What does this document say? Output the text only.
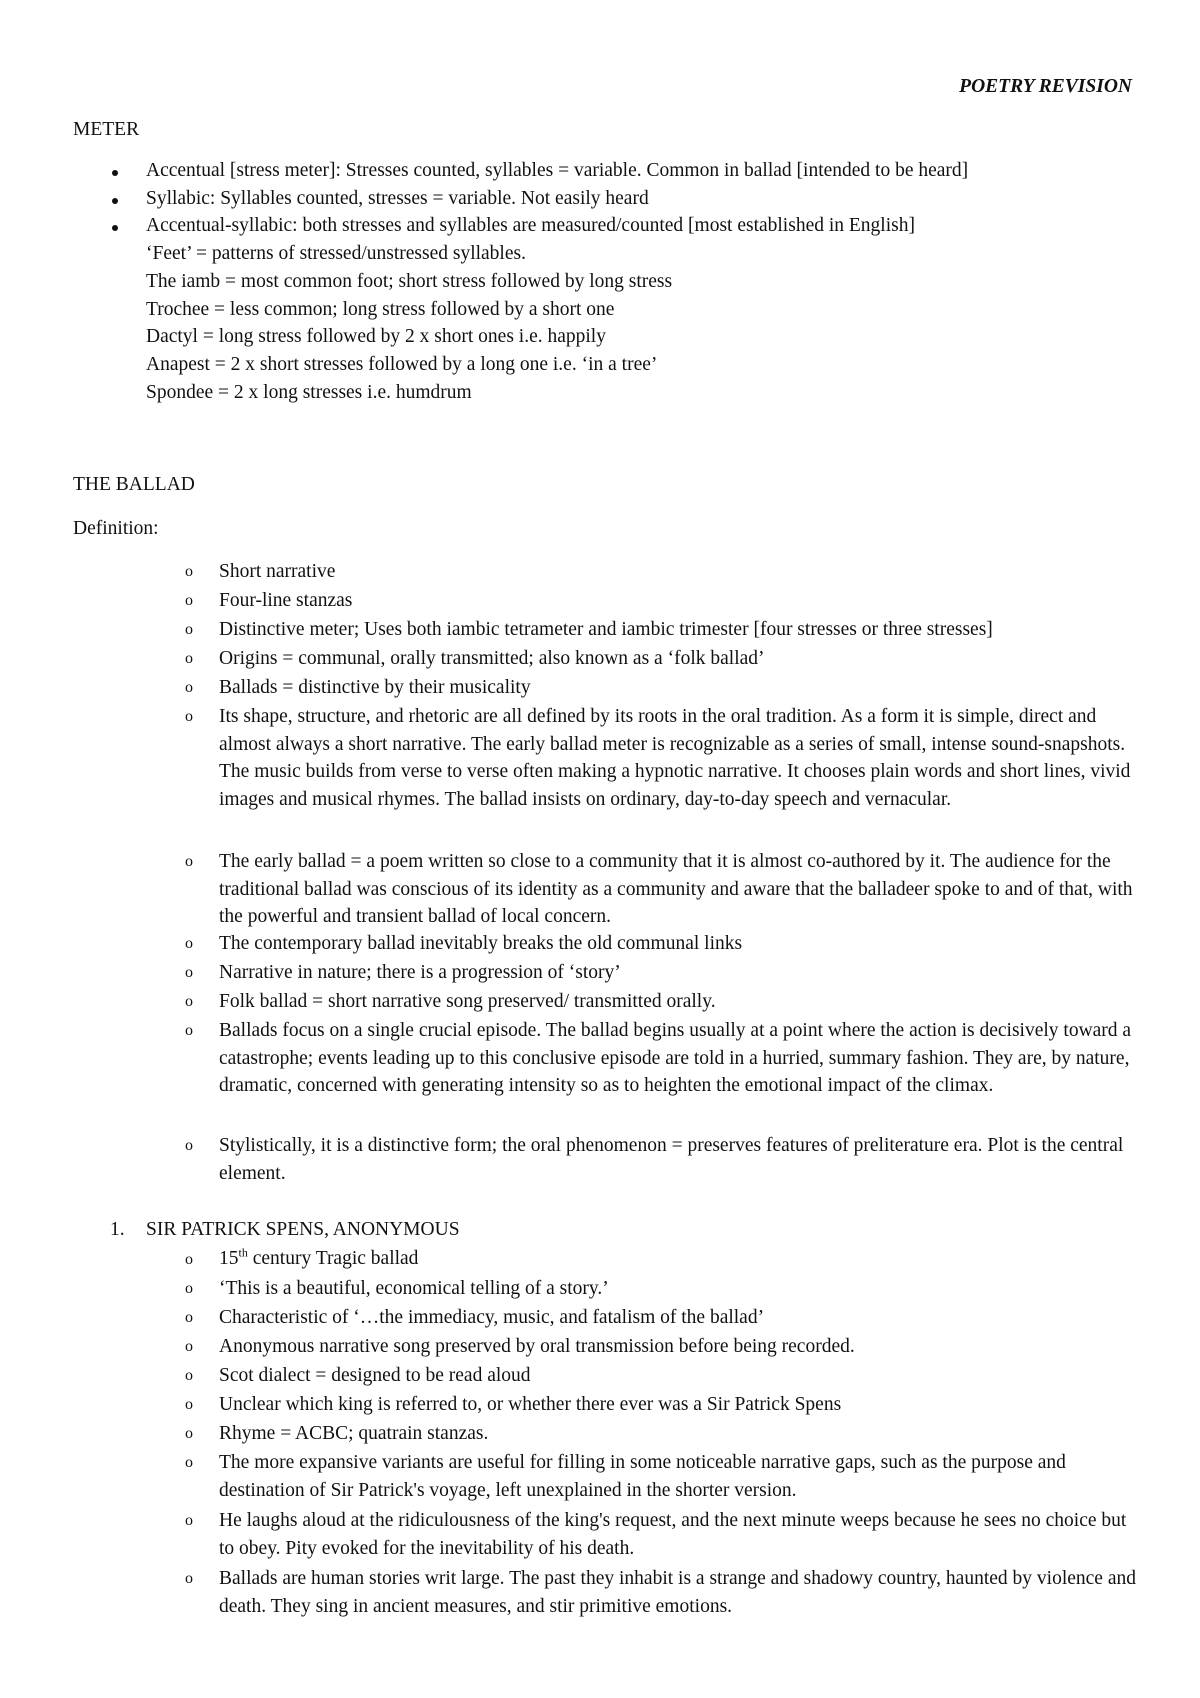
POETRY REVISION
METER
Accentual [stress meter]: Stresses counted, syllables = variable. Common in ballad [intended to be heard]
Syllabic: Syllables counted, stresses = variable. Not easily heard
Accentual-syllabic: both stresses and syllables are measured/counted [most established in English]
‘Feet’ = patterns of stressed/unstressed syllables.
The iamb = most common foot; short stress followed by long stress
Trochee = less common; long stress followed by a short one
Dactyl = long stress followed by 2 x short ones i.e. happily
Anapest = 2 x short stresses followed by a long one i.e. ‘in a tree’
Spondee = 2 x long stresses i.e. humdrum
THE BALLAD
Definition:
o Short narrative
o Four-line stanzas
o Distinctive meter; Uses both iambic tetrameter and iambic trimester [four stresses or three stresses]
o Origins = communal, orally transmitted; also known as a ‘folk ballad’
o Ballads = distinctive by their musicality
o Its shape, structure, and rhetoric are all defined by its roots in the oral tradition. As a form it is simple, direct and almost always a short narrative. The early ballad meter is recognizable as a series of small, intense sound-snapshots. The music builds from verse to verse often making a hypnotic narrative. It chooses plain words and short lines, vivid images and musical rhymes. The ballad insists on ordinary, day-to-day speech and vernacular.
o The early ballad = a poem written so close to a community that it is almost co-authored by it. The audience for the traditional ballad was conscious of its identity as a community and aware that the balladeer spoke to and of that, with the powerful and transient ballad of local concern.
o The contemporary ballad inevitably breaks the old communal links
o Narrative in nature; there is a progression of ‘story’
o Folk ballad = short narrative song preserved/ transmitted orally.
o Ballads focus on a single crucial episode. The ballad begins usually at a point where the action is decisively toward a catastrophe; events leading up to this conclusive episode are told in a hurried, summary fashion. They are, by nature, dramatic, concerned with generating intensity so as to heighten the emotional impact of the climax.
o Stylistically, it is a distinctive form; the oral phenomenon = preserves features of preliterature era. Plot is the central element.
1. SIR PATRICK SPENS, ANONYMOUS
o 15th century Tragic ballad
o ‘This is a beautiful, economical telling of a story.’
o Characteristic of ‘…the immediacy, music, and fatalism of the ballad’
o Anonymous narrative song preserved by oral transmission before being recorded.
o Scot dialect = designed to be read aloud
o Unclear which king is referred to, or whether there ever was a Sir Patrick Spens
o Rhyme = ACBC; quatrain stanzas.
o The more expansive variants are useful for filling in some noticeable narrative gaps, such as the purpose and destination of Sir Patrick's voyage, left unexplained in the shorter version.
o He laughs aloud at the ridiculousness of the king's request, and the next minute weeps because he sees no choice but to obey. Pity evoked for the inevitability of his death.
o Ballads are human stories writ large. The past they inhabit is a strange and shadowy country, haunted by violence and death. They sing in ancient measures, and stir primitive emotions.
